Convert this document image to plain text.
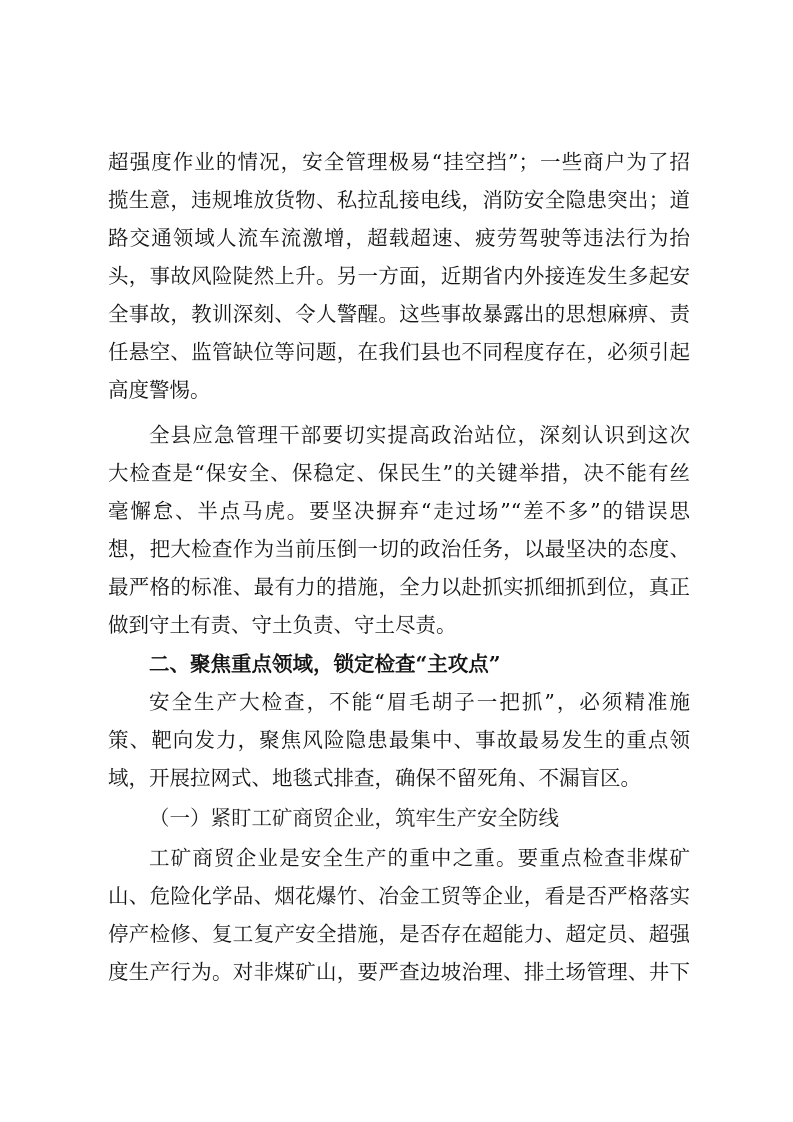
超强度作业的情况，安全管理极易“挂空挡”；一些商户为了招
揽生意，违规堆放货物、私拉乱接电线，消防安全隐患突出；道
路交通领域人流车流激增，超载超速、疲劳驾驶等违法行为抬
头，事故风险陡然上升。另一方面，近期省内外接连发生多起安
全事故，教训深刻、令人警醒。这些事故暴露出的思想麻痹、责
任悬空、监管缺位等问题，在我们县也不同程度存在，必须引起
高度警惕。
全县应急管理干部要切实提高政治站位，深刻认识到这次
大检查是“保安全、保稳定、保民生”的关键举措，决不能有丝
毫懈怠、半点马虎。要坚决摒弃“走过场”“差不多”的错误思
想，把大检查作为当前压倒一切的政治任务，以最坚决的态度、
最严格的标准、最有力的措施，全力以赴抓实抓细抓到位，真正
做到守土有责、守土负责、守土尽责。
二、聚焦重点领域，锁定检查“主攻点”
安全生产大检查，不能“眉毛胡子一把抓”，必须精准施
策、靶向发力，聚焦风险隐患最集中、事故最易发生的重点领
域，开展拉网式、地毯式排查，确保不留死角、不漏盲区。
（一）紧盯工矿商贸企业，筑牢生产安全防线
工矿商贸企业是安全生产的重中之重。要重点检查非煤矿
山、危险化学品、烟花爆竹、冶金工贸等企业，看是否严格落实
停产检修、复工复产安全措施，是否存在超能力、超定员、超强
度生产行为。对非煤矿山，要严查边坡治理、排土场管理、井下
